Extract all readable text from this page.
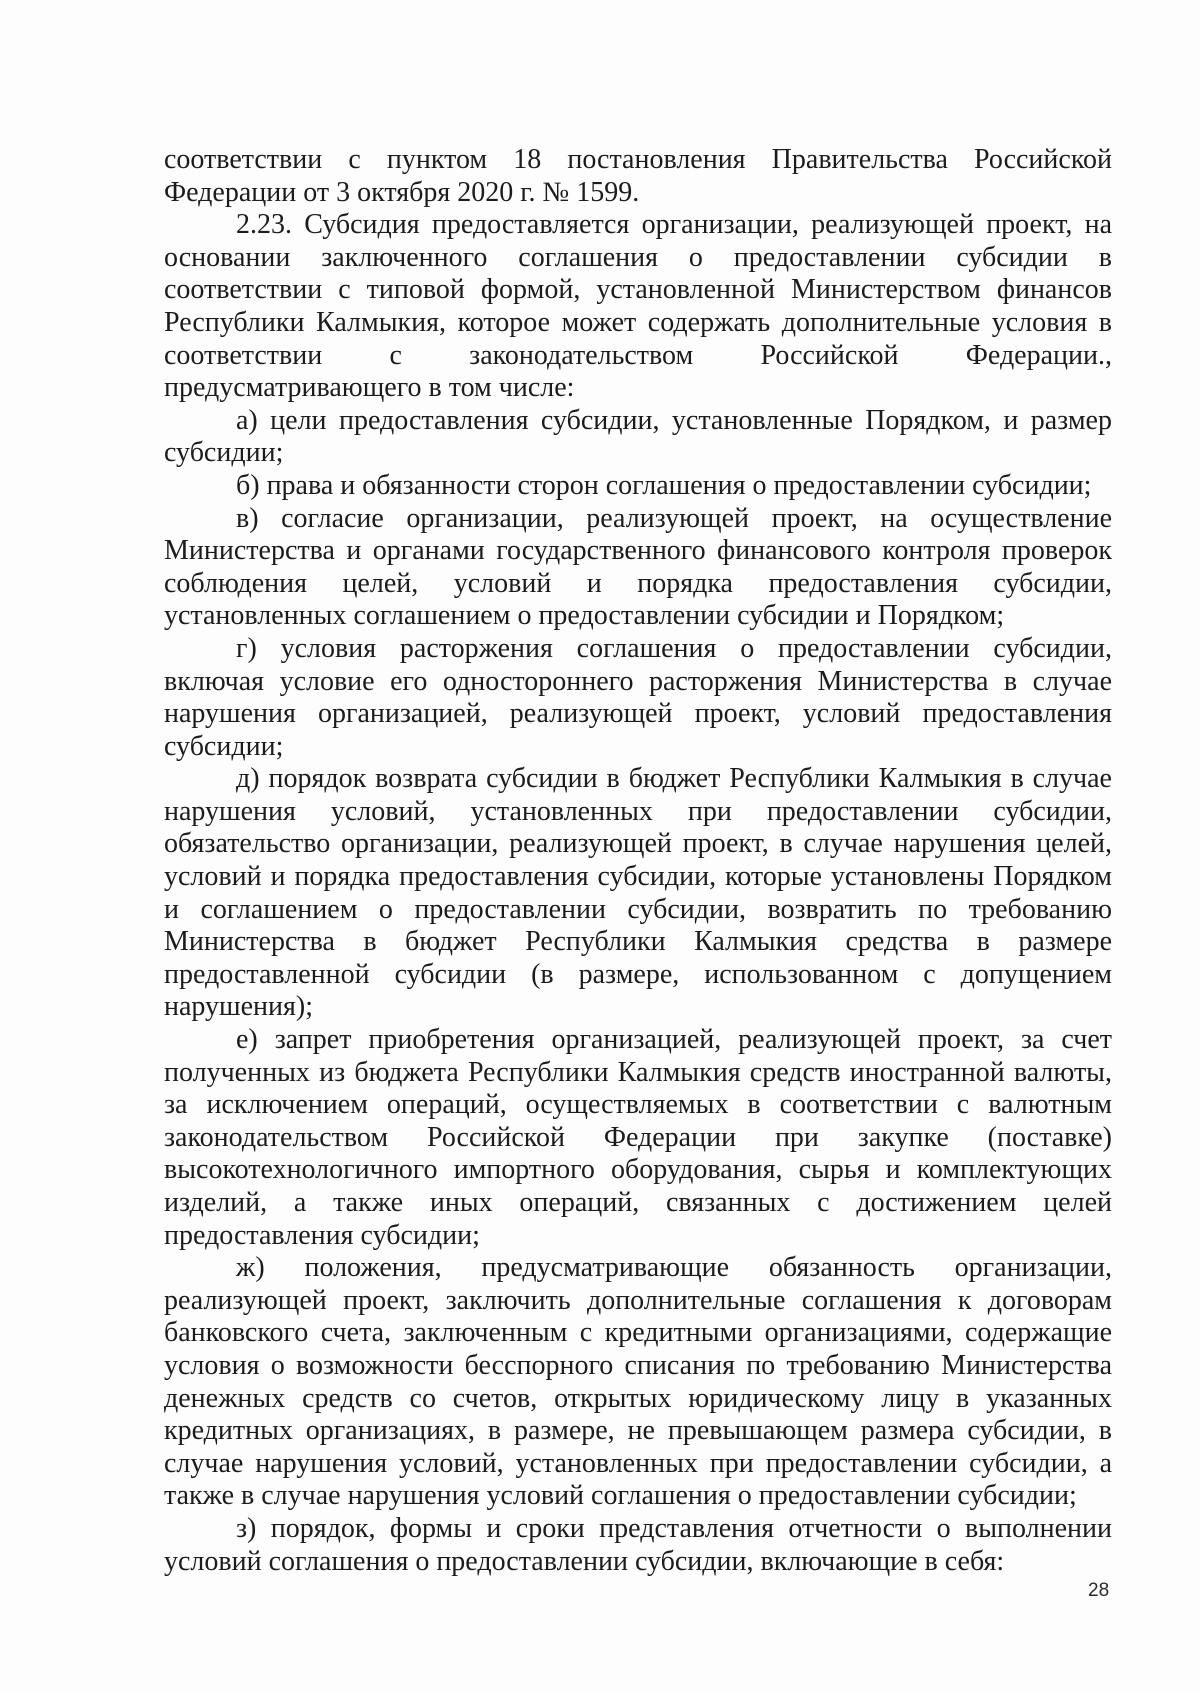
соответствии с пунктом 18 постановления Правительства Российской Федерации от 3 октября 2020 г. № 1599.

2.23. Субсидия предоставляется организации, реализующей проект, на основании заключенного соглашения о предоставлении субсидии в соответствии с типовой формой, установленной Министерством финансов Республики Калмыкия, которое может содержать дополнительные условия в соответствии с законодательством Российской Федерации., предусматривающего в том числе:

а) цели предоставления субсидии, установленные Порядком, и размер субсидии;

б) права и обязанности сторон соглашения о предоставлении субсидии;

в) согласие организации, реализующей проект, на осуществление Министерства и органами государственного финансового контроля проверок соблюдения целей, условий и порядка предоставления субсидии, установленных соглашением о предоставлении субсидии и Порядком;

г) условия расторжения соглашения о предоставлении субсидии, включая условие его одностороннего расторжения Министерства в случае нарушения организацией, реализующей проект, условий предоставления субсидии;

д) порядок возврата субсидии в бюджет Республики Калмыкия в случае нарушения условий, установленных при предоставлении субсидии, обязательство организации, реализующей проект, в случае нарушения целей, условий и порядка предоставления субсидии, которые установлены Порядком и соглашением о предоставлении субсидии, возвратить по требованию Министерства в бюджет Республики Калмыкия средства в размере предоставленной субсидии (в размере, использованном с допущением нарушения);

е) запрет приобретения организацией, реализующей проект, за счет полученных из бюджета Республики Калмыкия средств иностранной валюты, за исключением операций, осуществляемых в соответствии с валютным законодательством Российской Федерации при закупке (поставке) высокотехнологичного импортного оборудования, сырья и комплектующих изделий, а также иных операций, связанных с достижением целей предоставления субсидии;

ж) положения, предусматривающие обязанность организации, реализующей проект, заключить дополнительные соглашения к договорам банковского счета, заключенным с кредитными организациями, содержащие условия о возможности бесспорного списания по требованию Министерства денежных средств со счетов, открытых юридическому лицу в указанных кредитных организациях, в размере, не превышающем размера субсидии, в случае нарушения условий, установленных при предоставлении субсидии, а также в случае нарушения условий соглашения о предоставлении субсидии;

з) порядок, формы и сроки представления отчетности о выполнении условий соглашения о предоставлении субсидии, включающие в себя:

28
